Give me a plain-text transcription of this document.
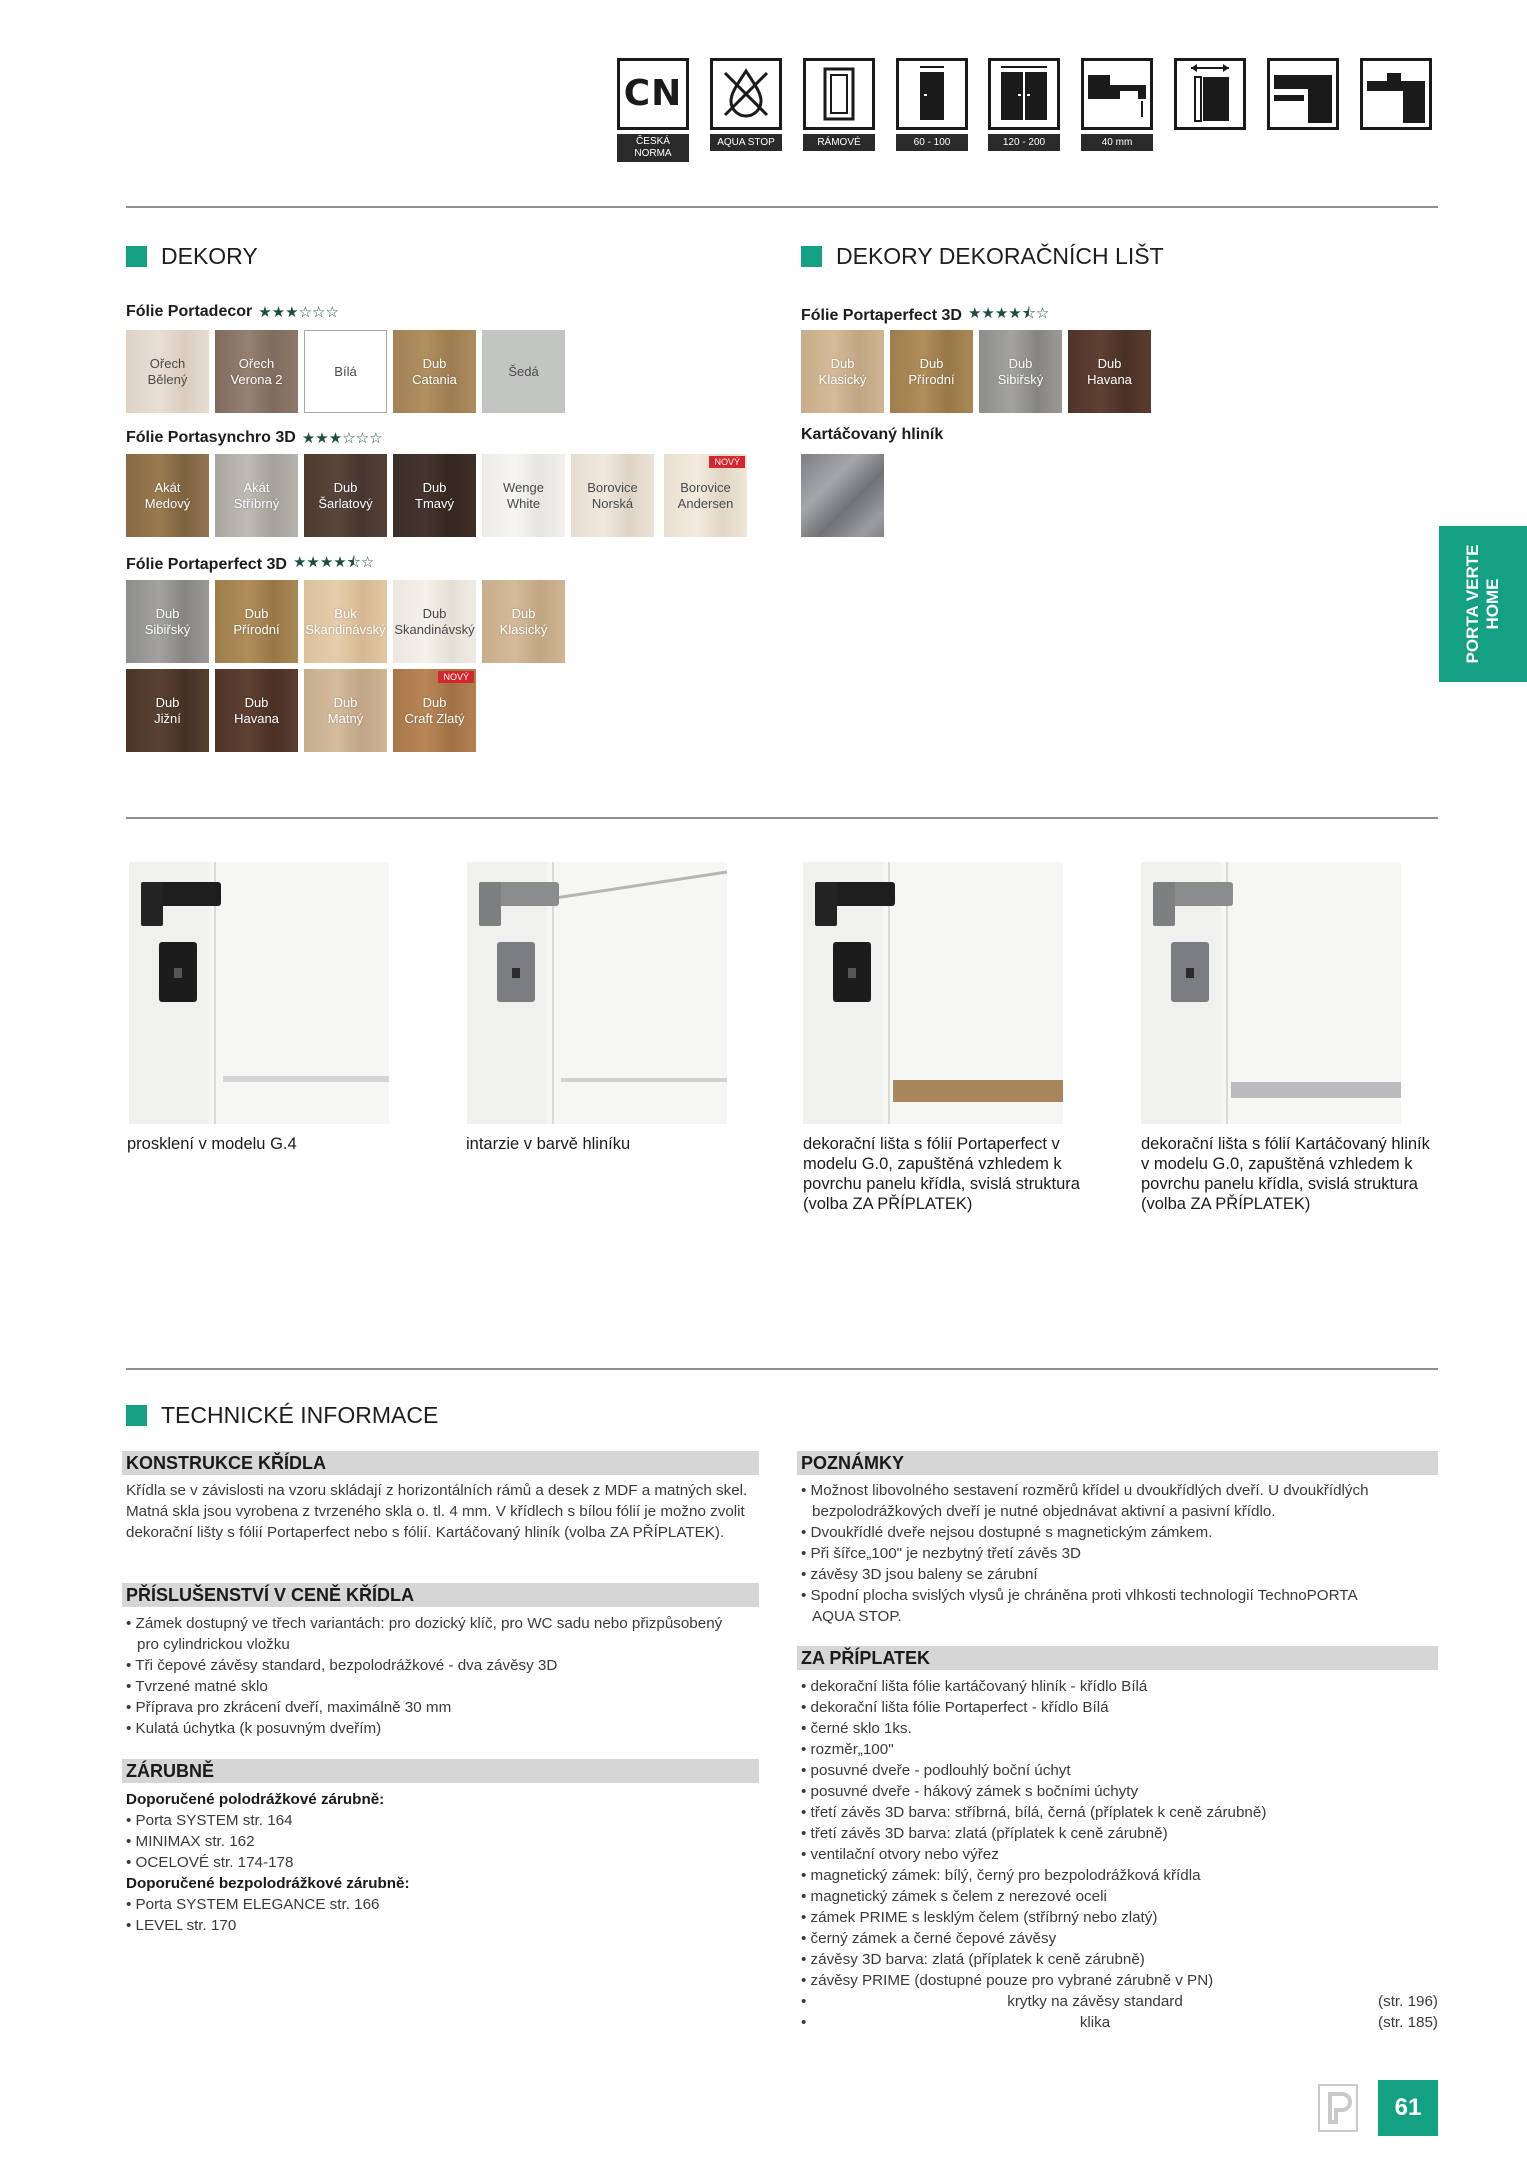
CN
ČESKÁ NORMA
AQUA STOP	RÁMOVÉ	60 - 100	120 - 200	40 mm
DEKORY
Fólie Portadecor ★★★☆☆☆
Ořech
Bělený
Ořech
Verona 2
Bílá
Dub
Catania
Šedá
Fólie Portasynchro 3D ★★★☆☆☆
Akát
Medový
Akát
Stříbrný
Dub
Šarlatový
Dub
Tmavý
Wenge
White
Borovice
Norská
NOVÝ
Borovice
Andersen
Fólie Portaperfect 3D ★★★★⯪☆
Dub
Sibiřský
Dub
Přírodní
Buk
Skandinávský
Dub
Skandinávský
Dub
Klasický
Dub
Jižní
Dub
Havana
Dub
Matný
NOVÝ
Dub
Craft Zlatý
DEKORY DEKORAČNÍCH LIŠT
Fólie Portaperfect 3D ★★★★⯪☆
Dub
Klasický
Dub
Přírodní
Dub
Sibiřský
Dub
Havana
Kartáčovaný hliník
PORTA VERTE
HOME
prosklení v modelu G.4	intarzie v barvě hliníku	dekorační lišta s fólií Portaperfect v modelu G.0, zapuštěná vzhledem k povrchu panelu křídla, svislá struktura (volba ZA PŘÍPLATEK)
dekorační lišta s fólií Kartáčovaný hliník v modelu G.0, zapuštěná vzhledem k povrchu panelu křídla, svislá struktura (volba ZA PŘÍPLATEK)
TECHNICKÉ INFORMACE
KONSTRUKCE KŘÍDLA
Křídla se v závislosti na vzoru skládají z horizontálních rámů a desek z MDF a matných skel. Matná skla jsou vyrobena z tvrzeného skla o. tl. 4 mm. V křídlech s bílou fólií je možno zvolit dekorační lišty s fólií Portaperfect nebo s fólií. Kartáčovaný hliník (volba ZA PŘÍPLATEK).
PŘÍSLUŠENSTVÍ V CENĚ KŘÍDLA
• Zámek dostupný ve třech variantách: pro dozický klíč, pro WC sadu nebo přizpůsobený pro cylindrickou vložku
• Tři čepové závěsy standard, bezpolodrážkové - dva závěsy 3D
• Tvrzené matné sklo
• Příprava pro zkrácení dveří, maximálně 30 mm
• Kulatá úchytka (k posuvným dveřím)
ZÁRUBNĚ
Doporučené polodrážkové zárubně:
• Porta SYSTEM str. 164
• MINIMAX str. 162
• OCELOVÉ str. 174-178
Doporučené bezpolodrážkové zárubně:
• Porta SYSTEM ELEGANCE str. 166
• LEVEL str. 170
POZNÁMKY
• Možnost libovolného sestavení rozměrů křídel u dvoukřídlých dveří. U dvoukřídlých bezpolodrážkových dveří je nutné objednávat aktivní a pasivní křídlo.
• Dvoukřídlé dveře nejsou dostupné s magnetickým zámkem.
• Při šířce„100" je nezbytný třetí závěs 3D
• závěsy 3D jsou baleny se zárubní
• Spodní plocha svislých vlysů je chráněna proti vlhkosti technologií TechnoPORTA AQUA STOP.
ZA PŘÍPLATEK
• dekorační lišta fólie kartáčovaný hliník - křídlo Bílá
• dekorační lišta fólie Portaperfect - křídlo Bílá
• černé sklo 1ks.
• rozměr„100"
• posuvné dveře - podlouhlý boční úchyt
• posuvné dveře - hákový zámek s bočními úchyty
• třetí závěs 3D barva: stříbrná, bílá, černá (příplatek k ceně zárubně)
• třetí závěs 3D barva: zlatá (příplatek k ceně zárubně)
• ventilační otvory nebo výřez
• magnetický zámek: bílý, černý pro bezpolodrážková křídla
• magnetický zámek s čelem z nerezové oceli
• zámek PRIME s lesklým čelem (stříbrný nebo zlatý)
• černý zámek a černé čepové závěsy
• závěsy 3D barva: zlatá (příplatek k ceně zárubně)
• závěsy PRIME (dostupné pouze pro vybrané zárubně v PN)
• krytky na závěsy standard	(str. 196)
• klika	(str. 185)
61
